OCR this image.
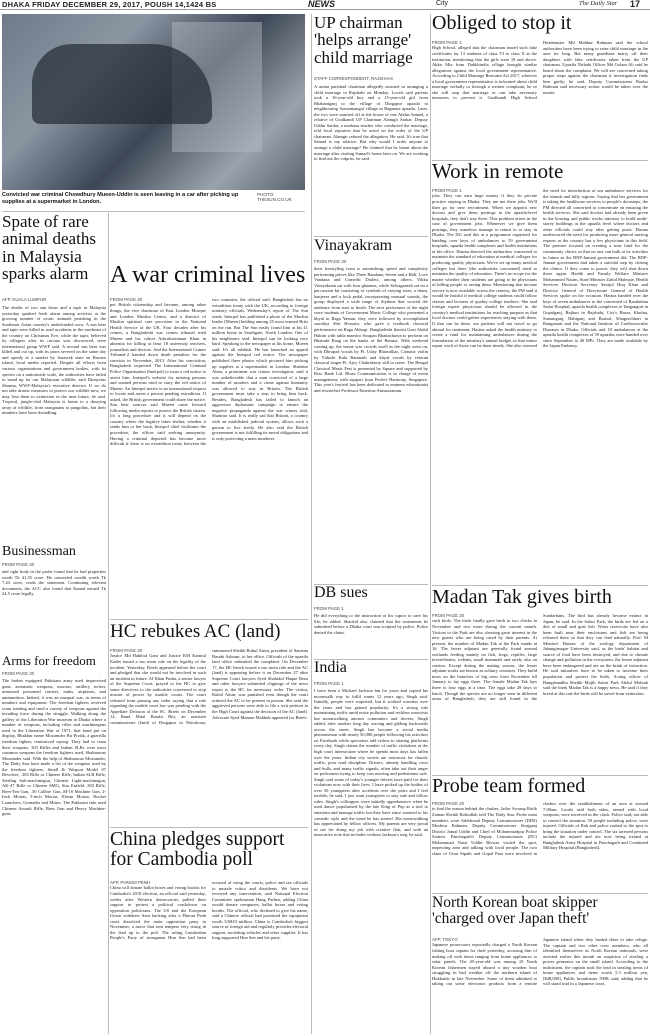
DHAKA FRIDAY DECEMBER 29, 2017, POUSH 14,1424 BS	NEWS	City	The Daily Star 17
Convicted war criminal Chowdhury Mueen-Uddin is seen leaving in a car after picking up supplies at a supermarket in London.
PHOTO: THESUN.CO.UK
Spate of rare animal deaths in Malaysia sparks alarm
AFP, KUALA LUMPUR
The deaths of two sun bears and a tapir in Malaysia yesterday sparked fresh alarm among activists at the growing number of exotic animals perishing in the Southeast Asian country's underfunded zoos. A sun bear and tapir were killed in road accidents in the northeast of the country on Christmas Eve, while the tapir, believed by villagers after its carcass was discovered, were international group WWF said. A second sun bear was killed and cut up, with its paws severed on the same day and openly at a market by Sarawak state on Borneo island, local media reported. Despite all efforts from various organisations and government bodies, with its species on a nationwide scale, the authorities have failed to stand up for our Malaysian wildlife, said Dionysius Sharma, WWF-Malaysia's executive director. If we do not take drastic measures to protect our wildlife now, we may lose them to extinction in the near future, he said. Tropical, jungle-clad Malaysia is home to a dizzying array of wildlife, from orangutans to pangolins, but their numbers have been dwindling.
Businessman
FROM PAGE 20
and right body in the probe found that he had properties worth Tk 41.35 crore. He concealed wealth worth Tk 7.44 crore, reads the statement. Continuing relevant documents, the ACC also found that Kamal earned Tk 24.5 crore legally.
Arms for freedom
FROM PAGE 20
The barber equipped Pakistani army used improvised guns, automatic weapons, mortars, artillery rocket, armoured personnel carriers, tanks, airplanes, and ammunition. Indeed, it was an unequal war, in terms of numbers and equipment. The freedom fighters received scant training and used a variety of weapons against the invading force during the struggle. Walking along the gallery of the Liberation War museum in Dhaka where a number of weapons, including rifles and machineguns used in the Liberation War of 1971, that hand put on display, Bhakhur name Mozumder Bir Protik, a guerrilla freedom fighter, reminisced saying: They had to cram their weapons. 303 Rifles and Indian SLRs were most common weapons the freedom fighters used, Shahnawaz Mozumder said. With the help of Shahnawaz Mozumder, The Daily Star have made a list of the weapons used by the freedom fighters: Small & Weapon Model 07 Revolver, .303 Rifle or Chinese Rifle, Indian SLR Rifle, Sterling Sub-machinegun, Chinese Light-machinegun, AK-47 Rifle or Chinese SMG, Star Enfield .303 Rifle, Bren-Ten Gun, .50 Calibre Gun, M-16 Machine Gun, 2-Inch Mortar, 3-inch Mortar, 81mm Mortar, Rocket Launchers, Grenades and Mines. The Pakistani side used Chinese Assault Rifle, Bren Gun and Heavy Machine-guns.
A war criminal lives
FROM PAGE 20
per British citizenship and became, among other things, the vice chairman of East London Mosque and London Muslim Centre, and a director of Muslim spiritual care provision in the National Health Service of the UK. Four decades after his crimes, a Bangladeshi war crimes tribunal tried Mueen and his cohort Ashrafuzzaman Khan in absentia for killing at least 18 university teachers, journalists and doctors. And the International Crimes Tribunal-2 handed down death penalties for the convicts in November, 2013. After his conviction, Bangladesh requested The International Criminal Police Organisation (Interpol) to issue a red notice to arrest him. Interpol's website for missing persons and wanted persons used to carry the red notice of Mueen. An Interpol notice is an international request to locate and arrest a person pending extradition. If asked, the British government could share the notice. Sun bear sources said Mueen came forward following media reports to protect the British citizen. It's a long procedure and it will depend on the country where the fugitive takes shelter, whether it sends him or her back, Interpol chief facilitates the procedure, the officer said seeking anonymity. Having a criminal deported has become more difficult if there is no extradition treaty between the two countries, the official said. Bangladesh has no extradition treaty with the UK, according to foreign ministry officials. Wednesday's report of The Sun reads: Interpol has published a photo of the Muslim leader [Mueen] holding among 25 most wanted Brits on the run. But The Sun easily found him at his £1 million home in Southgate, North London. One of his neighbours said: Interpol can be looking very hard. Speaking to the newspaper at his home, Mueen said: It's all rubbish. He has launched an appeal against the Interpol red notice. The newspaper published three photos which pictured him picking up supplies at a supermarket in London. Shahriar Alam, a prominent war crimes investigator, said it was unbelievable that a man convicted of a large number of murders and a crime against humanity was allowed to stay in Britain. The British government must take a step to bring him back. Besides, Bangladesh has failed to launch an aggressive diplomatic campaign to ensure the negative propaganda against the war crimes trial, Shahriar said. It is really sad that Britain, a country with an established judicial system, allows such a person to live freely. He also said the British government is not fulfilling its moral obligations and is only protecting a mass murderer.
HC rebukes AC (land)
FROM PAGE 20
Justice Md Habibul Gani and Justice KM Kamrul Kader issued a suo motu rule on the legality of the incident. Yesterday, Briefs appeared before the court and pledged that she would not be involved in such an incident in future. AI Khan Pasha, a senior lawyer of the Supreme Court, prayed to the HC to give some directives to the authorities concerned to stop misuse of power by mobile courts. The court released from passing any order saying that a rule regarding the mobile court law was pending with the Appellate Division of the SC. Briefs on December 12, Band Mital Basabi Biti, an assistant commissioner (land) of Durgapur in Netrokona, summoned Sheikh Ruhul Amin, president of Sanatan Basabi Ashram, to her office. Officials of the upazila land office submitted the complaint. On December 17, the HC bench issued a suo motu rule and the AC (land) is appearing before it on December 27 after Supreme Court lawyers Syed Shahidul Haque Reza and other lawyers submitted clippings of the news report to the HC for necessary order. The victim, Ruhul Amin, was punished even though the court ordered the AC to be present in person. She said the aggrieved persons were able to file a writ petition in the High Court against the decision of the AC (land). Advocate Syed Mamun Mahbub appeared for Briefs.
China pledges support for Cambodia poll
AFP, PHNOM PENH
China will donate ballot boxes and voting booths for Cambodia's 2018 election, an official said yesterday, weeks after Western democracies pulled their support to protest a political crackdown on opposition politicians. The US and the European Union withdrew their backing after a Phnom Penh court dissolved the main opposition party in November, a move that sent tempers very rising in the lead up to the poll. The ruling Cambodian People's Party of strongman Hun Sen had been accused of using the courts, police and tax officials to muzzle critics and dissidents. We have not received any intervention, said National Election Committee spokesman Hang Puthea, adding China would donate computers, ballot boxes and voting booths. The official, who declined to give his name, said a Chinese official had promised the equipment worth US$10 million. China is Cambodia's biggest source of foreign aid and regularly provides electoral support, including vehicles and other supplies. It has long supported Hun Sen and his party.
UP chairman 'helps arrange' child marriage
STAFF CORRESPONDENT, RAJSHAHI
A union parishad chairman allegedly assisted in arranging a child marriage in Rajshahi on Monday. Locals said parents took a 16-year-old boy and a 13-year-old girl from Bhabaniganj to the village of Durgapur upazila to neighbouring Sonnamangal village in Bagmara upazila. Later, the two were married off at the house of one Abdus Samad, a relative of Goalkandi UP Chairman Alamgir Sarkar. Deputy Uddin Sardar, a madrasa teacher who conducted the marriage, told local reporters that he acted on the order of the UP chairman. Alamgir refuted the allegation. He said, It's true that Samad is my relative. But why would I order anyone to arrange a child marriage? He claimed that he learnt about the marriage after visiting Samad's house later on. We are working to find out the culprits, he said.
Vinayakram
FROM PAGE 20
their freestyling form is astonishing, speed and complexity performing pieces like Three Bandana, Seven and a Half, Love Vandana and Comedic Dialect, among others. Vikku Vinayakram sat with four ghatams, while Selvaganesh sat on a percussion kit consisting of cymbals of varying sizes, a drum, kanjeera and a kick pedal, incorporating unusual sounds, the group displayed a wide range of rhythms that wowed the audience from start to finish. The next performers of the night were students of Government Music College who presented a khyal in Raga Yaman, they were followed by accomplished sarodiya Shri Hossain, who gave a textbook classical performance on Raga Abhogi. Bangladeshi flautist Gazi Abdul Hakim with tabla maestro Swapan Bhattacharya to perform on Bhairabi Raag on the banks of the Baruna. With weekend coming up, the venue was crowds swell as the night went on, with Dhrupad vocals by Pt. Uday Bhawalkar, Carnatic violin by Vidushi Kala Ramnath and khyal vocals by veteran classical singer Pt. Ajoy Chakraborty still to come. The Bengal Classical Music Fest is presented by Square and supported by Brac Bank Ltd. Blues Communication is in charge of event management, with support from Perfect Harmony, Singapore. This year's festival has been dedicated to eminent educationist and researcher Professor Emeritus Anisuzzaman.
DB sues
FROM PAGE 1
He did everything to the instruction of his captor to save his life, he added. Shariful also claimed that the statements he submitted before a Dhaka court was scripted by police. Police denied the claim.
India
FROM PAGE 1
I have been a Michael Jackson fan for years and copied his moonwalk way to fulfil wants 12 years ago, Singh said. Initially, people were surprised, but it worked wonders over the years and has gained popularity. It's a strong rule maintaining traffic amid noise pollution and reckless motorists but moonwalking amuses commuters and drivers, Singh added, after another long day waving and gliding backwards across the street. Singh has become a social media phenomenon with nearly 50,000 people following his activities on Facebook while spectators add videos to sharing platforms every day. Singh claims the number of traffic violations at the high court intersection where he spends most days has fallen over the years. Indian city streets are notorious for chaotic traffic, poor road discipline. Drivers, already handling cows and bulls, and many traffic signals, often take out their anger on policemen trying to keep cars moving and pedestrians safe. Singh said some of today's younger drivers have paid for their violations now with their lives. I have picked up the bodies of over 50 youngsters after accidents over the years and I feel terrible, he said. I just want youngsters to stay safe and follow rules. Singh's colleagues were initially apprehensive when he used dance popularised by the late King of Pop as a tool to entertain and manage traffic but they have since warmed to his comedic style and the trend he has started. His moonwalking has appreciated by fellow officers. My parents are very proud of me for doing my job with creative flair, and with an innovative note that includes without Jackson's step, he said.
Obliged to stop it
FROM PAGE 1
High School, alleged that the chairman issued such fake certificates for 13 students of class VI to class X at the institution, mentioning that the girls were 18 and above. Akku Mia from Dakkhindia village brought similar allegations against the local government representative. According to Child Marriage Restraint Act 2017, whoever a local government representative is informed about child marriage verbally or through a written complaint, he or she will stop that marriage or can take necessary measures to prevent it. Goalkandi High School Headmaster Md Mahbur Rahman said the school authorities have been trying to raise child marriage in the area for long. But many guardians marry off their daughters with fake certificates taken from the UP chairman. Upazila Nirbahi Officer Md Golam Ali said he heard about the complaint. We will see concerned taking proper steps against the chairman if investigation finds him guilty, he said. Deputy Commissioner Bazlur Rahman said necessary action would be taken over the matter.
Work in remote
FROM PAGE 1
jobs. They can earn huge money if they do private practice staying in Dhaka. They are not there jobs. We'll then go for new recruitment. When we appoint new doctors and give them postings in the upazila-level hospitals, they don't stay there. This problem arises in the case of government jobs. Whenever we give them postings, they somehow manage to return to or stay in Dhaka. The DG said this at a programme organised for handing over keys of ambulances to 59 government hospitals, upazila health complexes and health institutions at his office. Hasina directed the authorities concerned to maintain the standard of education at medical colleges for producing quality physicians. We've set up many medical colleges but there [the authorities concerned] need to maintain the quality of education. There's no scope for the matter whether their students are going to be physicians of killing people or saving them. Mentioning that income service is now available across the country, the PM said it would be fruitful if medical college students could follow classes and lectures of quality college teachers. She said foreign expert physicians should be allowed in the country's medical institutions for teaching purpose as that local doctors could gather experiences staying with them. If that can be done, our patients will not travel to go abroad for treatment, Hasina asked the health ministry to create a fund for maintaining ambulances during the formulation of the ministry's annual budget so that minor repair work of those can be done timely. She also stressed the need for introduction of sea ambulance services for the islands and hilly regions. Saying that her government is taking the healthcare services to people's doorsteps, the PM directed all concerned to concentrate on ensuring the health services. She said doctors had already been given in the housing and public works ministry to build multi-storey buildings at the upazila level where doctors and other officials could stay after getting posts. Hasina underscored the need for producing more general nursing experts as the country has a few physicians in this field. The premier focused on creating a trust fund for the community clinics so that no one can bulk at its activities in future as the BNP-Jamaat government did. The BNP-Jamaat government had taken a suicidal step by closing the clinics. If they come to power, they will shut down these again. Health and Family Welfare Minister Mohammed Nasim, State Minister Zahid Maleque, Health Services Division Secretary Serajul Huq Khan and Director General of Directorate General of Health Services spoke on the occasion. Hasina handed over the keys of seven ambulances to the concerned of Bandarban Sadar Hospital, upazila health complexes at Tanganguri in Gopalganj, Rajbari in Rajshahi, Cox's Bazar, Khulna, Sunamganj, Habiganj and Barisal, Khagrachhari in Rangamati and the National Institute of Cardiovascular Diseases in Dhaka. Officials and 10 ambulances at the upazila health complexes of 59 upazilas were handed over since September to 40 MPs. They are made available by the Japan Embassy.
Madan Tak gives birth
FROM PAGE 20
such birds. The birds finally gave birth to two chicks in November and two more during the current month. Visitors to the Park are also showing great interest in the new guests who are being cared by their parents. At present, the number of Madan Tak at the Park stands at 16. The lesser adjutant are generally found around wetlands feeding mainly on fish, frogs, reptiles, large invertebrates, rodents, small mammals and rarely also on carrion. Except during the mating season, the lesser adjutant storks are known as solitary creatures. They build nests on the branches of big trees from November till January to lay eggs there. The female Madan Tak lays three to four eggs at a time. The eggs take 28 days to hatch. Though the species are no longer seen in different areas of Bangladesh, they are still found in the Sundarbans. The bird has already become extinct in Japan, he said. In the Safari Park, the birds are fed on a diet of small and goat fish. Water reservoirs have also been built near their enclosures and fish are being released there so that they can feed naturally. Prof. M Monirul Hassan of the zoology department of Jahangirnagar University said, as the birds' habitat and source of food have been destroyed, and due to climate change and pollution in the ecosystem, the lesser adjutant have been endangered and are on the brink of extinction. He said initiatives have to be taken to increase their population and protect the birds. Acting officer of Bangabandhu Sheikh Mujib Safari Park Abdul Mohtab said the birds Madan Tak is a happy news. He said if they breed at this rate the birds will be saved from extinction.
Probe team formed
FROM PAGE 20
to find the reason behind the clashes, Jailor Swarup Rafik Zaman Sheikh Robiullah told The Daily Star. Probe team members were Additional Deputy Commissioner (DDS) Moshiur Rahman, Deputy Commissioner Sirajganj District Jamal Uddin and Chief of Mohammadpur Police Station. Panchagarh's Deputy Commissioner (DC) Mohammad Nasir Uddin Biswas visited the spot, inspecting area and talking with local people. The two clans of Uttar Sipahi and Gopal Para were involved in clashes over the establishment of an area at around 7:00am. Locals said both sides, armed with local weapons, were involved in the clash. Police said, not able to control the situation, 59 people including police, were injured. Officials of Rab and police rushed to the spot to bring the situation under control. The six arrested persons include the injured and are now being treated at Bangladesh Army Hospital in Panchagarh and Combined Military Hospital (Bangladesh).
North Korean boat skipper 'charged over Japan theft'
AFP, TOKYO
Japanese prosecutors reportedly charged a North Korean fishing boat captain for theft yesterday, accusing him of making off with items ranging from home appliances to solar panels. The 45-year-old was among 10 North Korean fishermen stayed aboard a tiny wooden boat struggling in bad weather off the northern island of Hokkaido in late November. Some of them admitted to taking out some electronic products from a remote Japanese island when they landed there to take refuge. The captain and two other crew members, who all identified themselves as North Korean nationals, were arrested earlier this month on suspicion of stealing a power generator on the small island. According to the indictment, the captain took the lead in stealing items of home appliances and items worth 5.5 million yen, [$48,000], Public broadcaster NHK said, adding that he will stand trial in a Japanese court.
